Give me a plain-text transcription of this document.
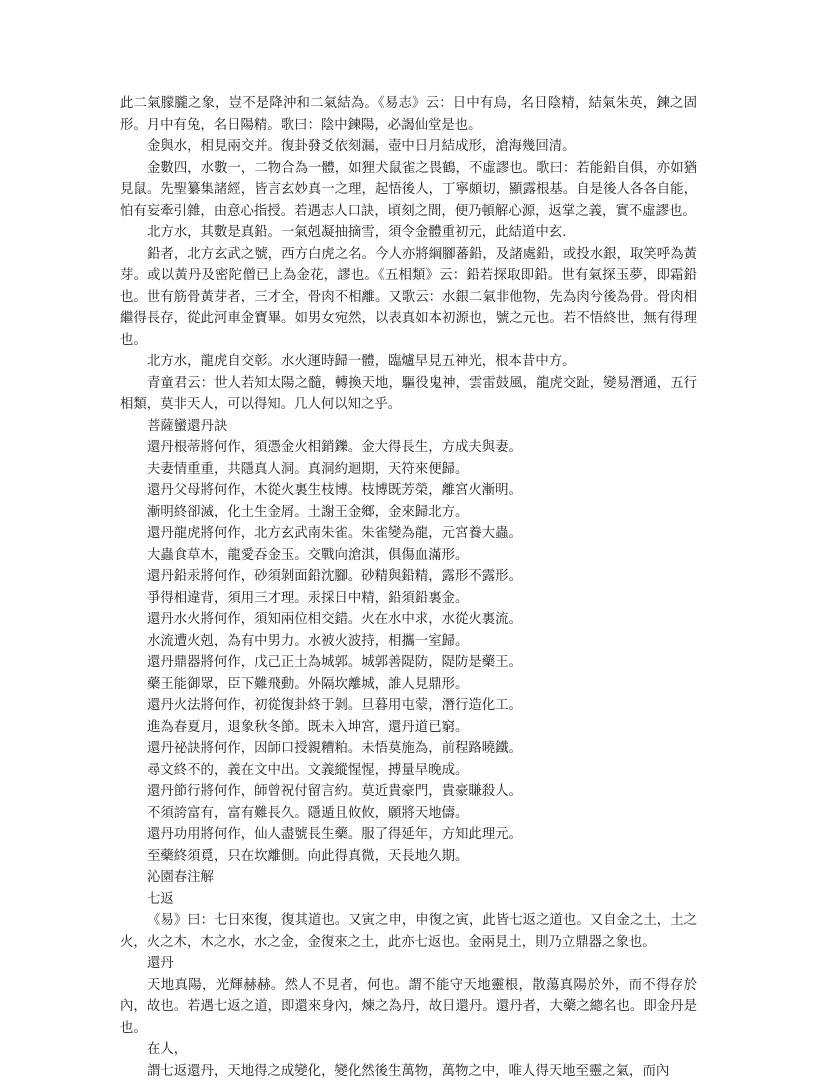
此二氣朦朧之象，豈不是降沖和二氣結為。《易志》云：日中有烏，名日陰精，結氣朱英，鍊之固形。月中有兔，名日陽精。歌曰：陰中鍊陽，必謁仙堂是也。

金與水，相見兩交并。復卦發爻依刻漏，壺中日月結成形，滄海幾回清。

金數四，水數一，二物合為一體，如狸犬鼠雀之畏鶴，不虛謬也。歌曰：若能鉛自俱，亦如猶見鼠。先聖纂集諸經，皆言玄妙真一之理，起悟後人，丁寧頗切，顯露根基。自是後人各各自能，怕有妄牽引雜，由意心指授。若遇志人口訣，頃刻之間，便乃頓解心源，返掌之義，實不虛謬也。

北方水，其數是真鉛。一氣剋凝抽摘雪，須令金體重初元，此結道中玄.

鉛者，北方玄武之號，西方白虎之名。今人亦將綱腳蕃鉛，及諸處鉛，或投水銀，取笑呼為黃芽。或以黃丹及密陀僧已上為金花，謬也。《五相類》云：鉛若探取即鉛。世有氣探玉夢，即霜鉛也。世有筋骨黃芽者，三才全，骨肉不相離。又歌云：水銀二氣非他物，先為肉兮後為骨。骨肉相繼得長存，從此河車金寶畢。如男女宛然，以表真如本初源也，號之元也。若不悟終世，無有得理也。

北方水，龍虎自交彰。水火運時歸一體，臨爐早見五神光，根本昔中方。

青童君云：世人若知太陽之髓，轉換天地，驅役鬼神，雲雷鼓風，龍虎交趾，變易潛通，五行相類，莫非天人，可以得知。几人何以知之乎。

菩薩蠻還丹訣

還丹根蒂將何作，須憑金火相銷鑠。金大得長生，方成夫與妻。

夫妻情重重，共隱真人洞。真洞約迴期，天符來便歸。

還丹父母將何作，木從火裏生枝博。枝博既芳榮，離宮火漸明。

漸明終卻滅，化土生金屑。土謝王金鄉，金來歸北方。

還丹龍虎將何作，北方玄武南朱雀。朱雀變為龍，元宮養大蟲。

大蟲食草木，龍愛吞金玉。交戰向滄淇，俱傷血滿形。

還丹鉛汞將何作，砂須剝面鉛沈腳。砂精與鉛精，露形不露形。

爭得相違背，須用三才理。汞採日中精，鉛須鉛裏金。

還丹水火將何作，須知兩位相交錯。火在水中求，水從火裏流。

水流遭火剋，為有中男力。水被火波持，相攜一室歸。

還丹鼎器將何作，戊己正土為城郭。城郭善隄防，隄防是藥王。

藥王能御眾，臣下難飛動。外隔坎離城，誰人見鼎形。

還丹火法將何作，初從復卦終于剝。旦暮用屯蒙，潛行造化工。

進為春夏月，退象秋冬節。既未入坤宮，還丹道已窮。

還丹祕訣將何作，因師口授親糟粕。未悟莫施為，前程路曉鐵。

尋文終不的，義在文中出。文義縱惺惺，搏量早晚成。

還丹節行將何作，師曾祝付留言約。莫近貴豪門，貴豪賺殺人。

不須誇富有，富有難長久。隱遁且攸攸，願將天地儔。

還丹功用將何作，仙人盡號長生藥。服了得延年，方知此理元。

至藥終須覓，只在坎離側。向此得真微，天長地久期。

沁園春注解

七返

《易》曰：七日來復，復其道也。又寅之申，申復之寅，此皆七返之道也。又自金之土，土之火，火之木，木之水，水之金，金復來之土，此亦七返也。金兩見土，則乃立鼎器之象也。

還丹

天地真陽，光輝赫赫。然人不見者，何也。謂不能守天地靈根，散蕩真陽於外，而不得存於內，故也。若遇七返之道，即還來身內，煉之為丹，故日還丹。還丹者，大藥之總名也。即金丹是也。

在人，

謂七返還丹，天地得之成變化，變化然後生萬物，萬物之中，唯人得天地至靈之氣，而內
